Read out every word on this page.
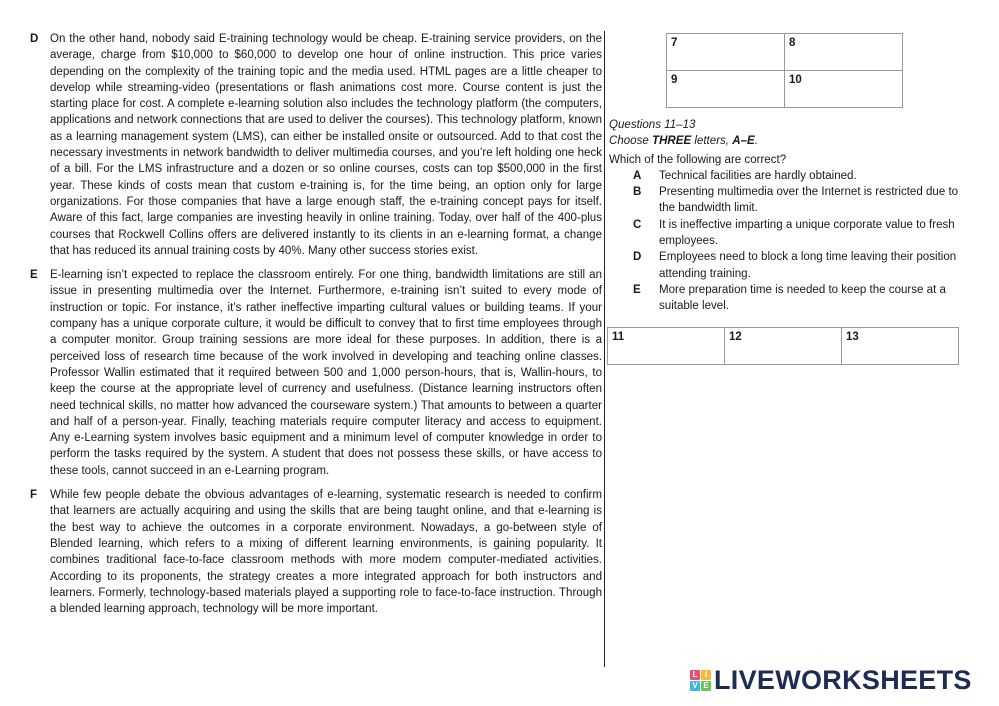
D	On the other hand, nobody said E-training technology would be cheap. E-training service providers, on the average, charge from $10,000 to $60,000 to develop one hour of online instruction. This price varies depending on the complexity of the training topic and the media used. HTML pages are a little cheaper to develop while streaming-video (presentations or flash animations cost more. Course content is just the starting place for cost. A complete e-learning solution also includes the technology platform (the computers, applications and network connections that are used to deliver the courses). This technology platform, known as a learning management system (LMS), can either be installed onsite or outsourced. Add to that cost the necessary investments in network bandwidth to deliver multimedia courses, and you’re left holding one heck of a bill. For the LMS infrastructure and a dozen or so online courses, costs can top $500,000 in the first year. These kinds of costs mean that custom e-training is, for the time being, an option only for large organizations. For those companies that have a large enough staff, the e-training concept pays for itself. Aware of this fact, large companies are investing heavily in online training. Today, over half of the 400-plus courses that Rockwell Collins offers are delivered instantly to its clients in an e-learning format, a change that has reduced its annual training costs by 40%. Many other success stories exist.
E	E-learning isn’t expected to replace the classroom entirely. For one thing, bandwidth limitations are still an issue in presenting multimedia over the Internet. Furthermore, e-training isn’t suited to every mode of instruction or topic. For instance, it’s rather ineffective imparting cultural values or building teams. If your company has a unique corporate culture, it would be difficult to convey that to first time employees through a computer monitor. Group training sessions are more ideal for these purposes. In addition, there is a perceived loss of research time because of the work involved in developing and teaching online classes. Professor Wallin estimated that it required between 500 and 1,000 person-hours, that is, Wallin-hours, to keep the course at the appropriate level of currency and usefulness. (Distance learning instructors often need technical skills, no matter how advanced the courseware system.) That amounts to between a quarter and half of a person-year. Finally, teaching materials require computer literacy and access to equipment. Any e-Learning system involves basic equipment and a minimum level of computer knowledge in order to perform the tasks required by the system. A student that does not possess these skills, or have access to these tools, cannot succeed in an e-Learning program.
F	While few people debate the obvious advantages of e-learning, systematic research is needed to confirm that learners are actually acquiring and using the skills that are being taught online, and that e-learning is the best way to achieve the outcomes in a corporate environment. Nowadays, a go-between style of Blended learning, which refers to a mixing of different learning environments, is gaining popularity. It combines traditional face-to-face classroom methods with more modem computer-mediated activities. According to its proponents, the strategy creates a more integrated approach for both instructors and learners. Formerly, technology-based materials played a supporting role to face-to-face instruction. Through a blended learning approach, technology will be more important.
7	8
9	10
Questions 11–13
Choose THREE letters, A–E.
Which of the following are correct?
A	Technical facilities are hardly obtained.
B	Presenting multimedia over the Internet is restricted due to the bandwidth limit.
C	It is ineffective imparting a unique corporate value to fresh employees.
D	Employees need to block a long time leaving their position attending training.
E	More preparation time is needed to keep the course at a suitable level.
11	12	13
L I
V E LIVEWORKSHEETS
